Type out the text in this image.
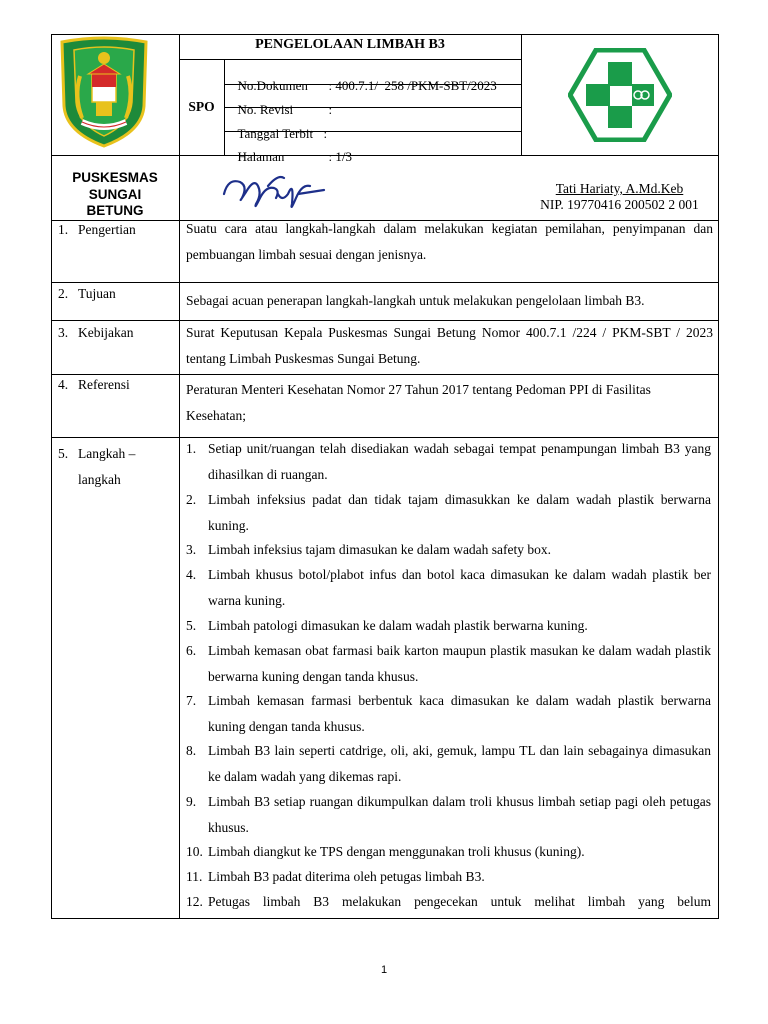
PENGELOLAAN LIMBAH B3
SPO

No.Dokumen : 400.7.1/  258 /PKM-SBT/2023

No. Revisi	:

Tanggal Terbit :

Halaman	: 1/3

PUSKESMAS
SUNGAI
BETUNG
Tati Hariaty, A.Md.Keb
NIP. 19770416 200502 2 001
1. Pengertian	Suatu cara atau langkah-langkah dalam melakukan kegiatan pemilahan, penyimpanan dan pembuangan limbah sesuai dengan jenisnya.
2. Tujuan	Sebagai acuan penerapan langkah-langkah untuk melakukan pengelolaan limbah B3.
3. Kebijakan	Surat Keputusan Kepala Puskesmas Sungai Betung Nomor 400.7.1 /224 / PKM-SBT / 2023 tentang Limbah Puskesmas Sungai Betung.
4. Referensi	Peraturan Menteri Kesehatan Nomor 27 Tahun 2017 tentang Pedoman PPI di Fasilitas Kesehatan;
5. Langkah –
langkah
1. Setiap unit/ruangan telah disediakan wadah sebagai tempat penampungan limbah B3 yang dihasilkan di ruangan.
2. Limbah infeksius padat dan tidak tajam dimasukkan ke dalam wadah plastik berwarna kuning.
3. Limbah infeksius tajam dimasukan ke dalam wadah safety box.
4. Limbah khusus botol/plabot infus dan botol kaca dimasukan ke dalam wadah plastik ber warna kuning.
5. Limbah patologi dimasukan ke dalam wadah plastik berwarna kuning.
6. Limbah kemasan obat farmasi baik karton maupun plastik masukan ke dalam wadah plastik berwarna kuning dengan tanda khusus.
7. Limbah kemasan farmasi berbentuk kaca dimasukan ke dalam wadah plastik berwarna kuning dengan tanda khusus.
8. Limbah B3 lain seperti catdrige, oli, aki, gemuk, lampu TL dan lain sebagainya dimasukan ke dalam wadah yang dikemas rapi.
9. Limbah B3 setiap ruangan dikumpulkan dalam troli khusus limbah setiap pagi oleh petugas khusus.
10. Limbah diangkut ke TPS dengan menggunakan troli khusus (kuning).
11. Limbah B3 padat diterima oleh petugas limbah B3.
12. Petugas limbah B3 melakukan pengecekan untuk melihat limbah yang belum
1
